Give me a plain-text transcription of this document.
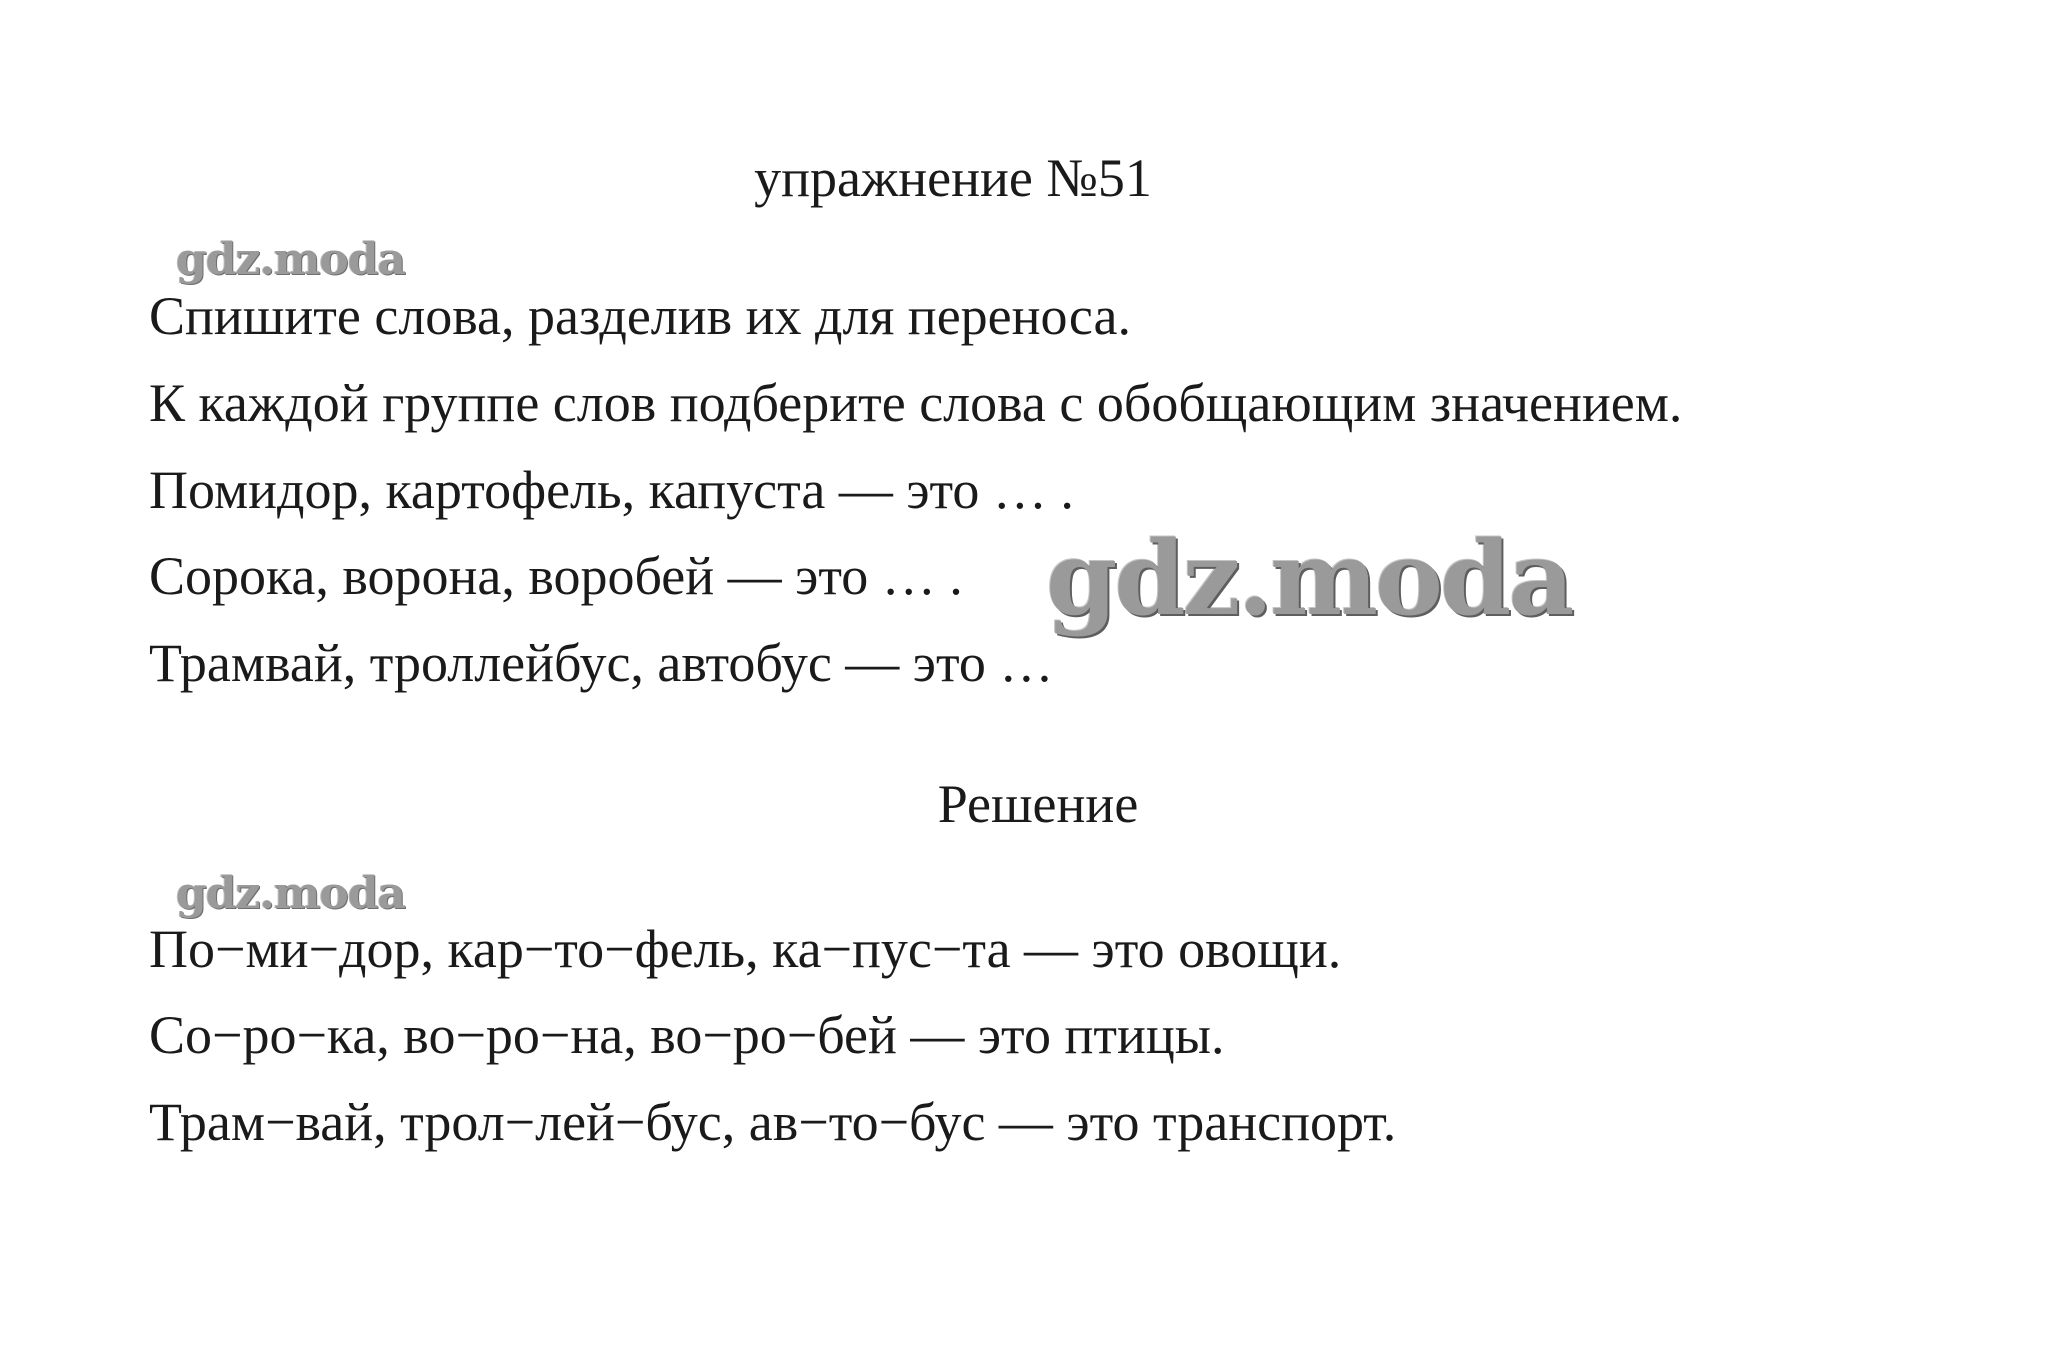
упражнение №51
gdz.moda
Спишите слова, разделив их для переноса.
К каждой группе слов подберите слова с обобщающим значением.
Помидор, картофель, капуста — это … .
Сорока, ворона, воробей — это … .
Трамвай, троллейбус, автобус — это …
gdz.moda
Решение
gdz.moda
По−ми−дор, кар−то−фель, ка−пус−та — это овощи.
Со−ро−ка, во−ро−на, во−ро−бей — это птицы.
Трам−вай, трол−лей−бус, ав−то−бус — это транспорт.
